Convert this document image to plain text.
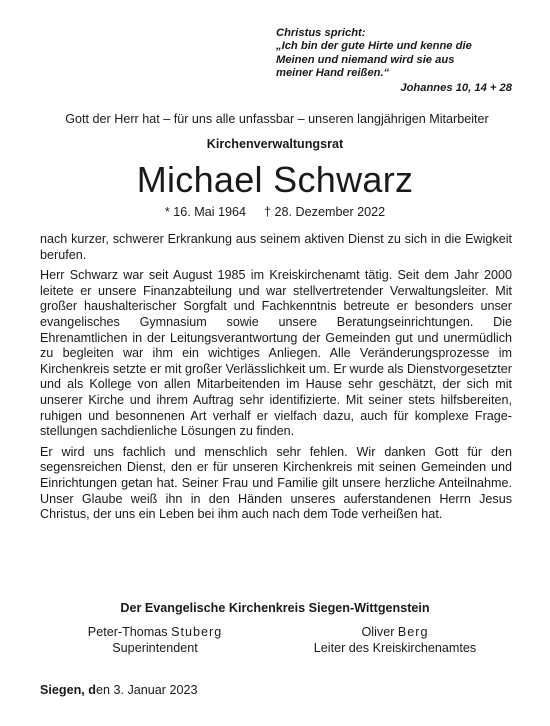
Christus spricht:
„Ich bin der gute Hirte und kenne die
Meinen und niemand wird sie aus
meiner Hand reißen.“
Johannes 10, 14 + 28
Gott der Herr hat – für uns alle unfassbar – unseren langjährigen Mitarbeiter
Kirchenverwaltungsrat
Michael Schwarz
* 16. Mai 1964 † 28. Dezember 2022

nach kurzer, schwerer Erkrankung aus seinem aktiven Dienst zu sich in die Ewigkeit berufen.

Herr Schwarz war seit August 1985 im Kreiskirchenamt tätig. Seit dem Jahr 2000 leitete er unsere Finanzabteilung und war stellvertretender Verwaltungsleiter. Mit großer haushalterischer Sorgfalt und Fachkenntnis betreute er besonders unser evangelisches Gymnasium sowie unsere Beratungseinrichtungen. Die Ehrenamtlichen in der Leitungsverantwortung der Gemeinden gut und unermüdlich zu begleiten war ihm ein wichtiges Anliegen. Alle Veränderungsprozesse im Kirchenkreis setzte er mit großer Verlässlichkeit um. Er wurde als Dienstvorgesetzter und als Kollege von allen Mitarbeitenden im Hause sehr geschätzt, der sich mit unserer Kirche und ihrem Auftrag sehr identifizierte. Mit seiner stets hilfsbereiten, ruhigen und besonnenen Art verhalf er vielfach dazu, auch für komplexe Fragestellungen sachdienliche Lösungen zu finden.

Er wird uns fachlich und menschlich sehr fehlen. Wir danken Gott für den segensreichen Dienst, den er für unseren Kirchenkreis mit seinen Gemeinden und Einrichtungen getan hat. Seiner Frau und Familie gilt unsere herzliche Anteilnahme. Unser Glaube weiß ihn in den Händen unseres auferstandenen Herrn Jesus Christus, der uns ein Leben bei ihm auch nach dem Tode verheißen hat.

Der Evangelische Kirchenkreis Siegen-Wittgenstein
Peter-Thomas Stuberg
Superintendent
Oliver Berg
Leiter des Kreiskirchenamtes
Siegen, den 3. Januar 2023
